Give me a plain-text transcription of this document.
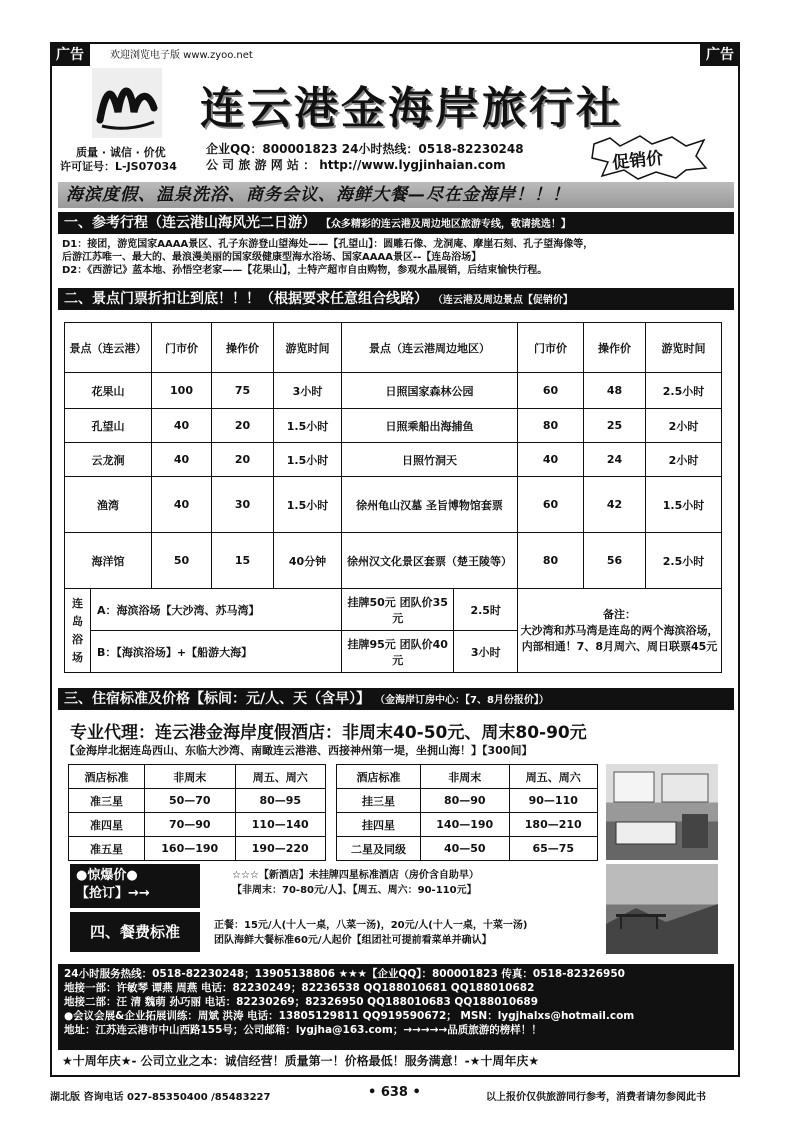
广告	广告
欢迎浏览电子版 www.zyoo.net
连云港金海岸旅行社
质量 · 诚信 · 价优
许可证号：L-JS07034
企业QQ：800001823 24小时热线：0518-82230248
公 司 旅 游 网 站 ： http://www.lygjinhaian.com	促销价
海滨度假、温泉洗浴、商务会议、海鲜大餐—尽在金海岸！！！
一、参考行程（连云港山海风光二日游） 【众多精彩的连云港及周边地区旅游专线，敬请挑选！】
D1：接团，游览国家AAAA景区、孔子东游登山望海处——【孔望山】：圆雕石像、龙洞庵、摩崖石刻、孔子望海像等，
后游江苏唯一、最大的、最浪漫美丽的国家级健康型海水浴场、国家AAAA景区--【连岛浴场】
D2：《西游记》蓝本地、孙悟空老家——【花果山】，土特产超市自由购物，参观水晶展销，后结束愉快行程。
二、景点门票折扣让到底！！！（根据要求任意组合线路） （连云港及周边景点【促销价】
景点（连云港）		门市价	操作价	游览时间	景点（连云港周边地区）		门市价	操作价	游览时间
花果山		100	75	3小时	日照国家森林公园		60	48	2.5小时
孔望山		40	20	1.5小时	日照乘船出海捕鱼		80	25	2小时
云龙涧		40	20	1.5小时	日照竹洞天		40	24	2小时
渔湾		40	30	1.5小时	徐州龟山汉墓 圣旨博物馆套票		60	42	1.5小时
海洋馆		50	15	40分钟	徐州汉文化景区套票（楚王陵等）		80	56	2.5小时
连岛浴场	A：海滨浴场【大沙湾、苏马湾】				挂牌50元 团队价35元	2.5时	备注：
大沙湾和苏马湾是连岛的两个海滨浴场，内部相通！7、8月周六、周日联票45元		

	B：【海滨浴场】+【船游大海】				挂牌95元 团队价40元	3小时			
三、住宿标准及价格【标间：元/人、天（含早）】 （金海岸订房中心：【7、8月份报价】）
专业代理：连云港金海岸度假酒店：非周末40-50元、周末80-90元
【金海岸北据连岛西山、东临大沙湾、南瞰连云港港、西接神州第一堤，坐拥山海！】【300间】
酒店标准	非周末	周五、周六
准三星	50—70	80—95
准四星	70—90	110—140
准五星	160—190	190—220
酒店标准	非周末	周五、周六
挂三星	80—90	90—110
挂四星	140—190	180—210
二星及同级	40—50	65—75
●惊爆价●
【抢订】→→
☆☆☆【新酒店】未挂牌四星标准酒店（房价含自助早）
【非周末：70-80元/人】、【周五、周六：90-110元】
四、餐费标准	正餐：15元/人(十人一桌，八菜一汤)，20元/人(十人一桌，十菜一汤)
团队海鲜大餐标准60元/人起价【组团社可提前看菜单并确认】
24小时服务热线：0518-82230248；13905138806 ★★★【企业QQ】：800001823 传真：0518-82326950
地接一部：许敏琴 谭燕 周燕 电话：82230249；82236538 QQ188010681 QQ188010682
地接二部：汪 清 魏萌 孙巧丽 电话：82230269；82326950 QQ188010683 QQ188010689
●会议会展&企业拓展训练：周斌 洪涛 电话：13805129811 QQ919590672； MSN：lygjhalxs@hotmail.com
地址：江苏连云港市中山西路155号；公司邮箱：lygjha@163.com；→→→→→品质旅游的榜样！！
★十周年庆★- 公司立业之本：诚信经营！质量第一！价格最低！服务满意！-★十周年庆★
湖北版 咨询电话 027-85350400 /85483227	• 638 •	以上报价仅供旅游同行参考，消费者请勿参阅此书
